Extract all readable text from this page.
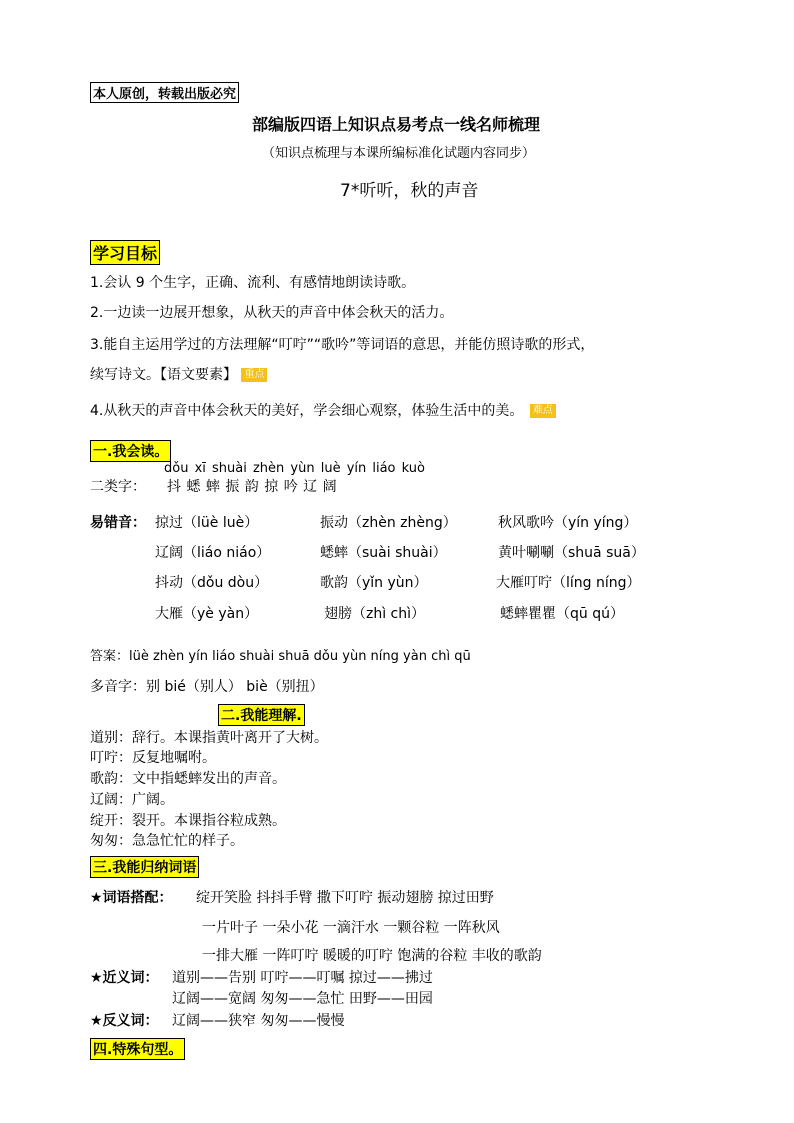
本人原创，转载出版必究
部编版四语上知识点易考点一线名师梳理
（知识点梳理与本课所编标准化试题内容同步）
7*听听，秋的声音
学习目标
1.会认 9 个生字，正确、流利、有感情地朗读诗歌。
2.一边读一边展开想象，从秋天的声音中体会秋天的活力。
3.能自主运用学过的方法理解“叮咛”“歌吟”等词语的意思，并能仿照诗歌的形式，
续写诗文。【语文要素】 重点
4.从秋天的声音中体会秋天的美好，学会细心观察，体验生活中的美。 难点
一.我会读。
dǒu xī shuài zhèn yùn luè yín liáo kuò
二类字： 抖 蟋 蟀 振 韵 掠 吟 辽 阔
易错音： 掠过（lüè luè）	振动（zhèn zhèng）	秋风歌吟（yín yíng）
辽阔（liáo niáo）	蟋蟀（suài shuài）	黄叶唰唰（shuā suā）
抖动（dǒu dòu）	歌韵（yǐn yùn）	大雁叮咛（líng níng）
大雁（yè yàn）	翅膀（zhì chì）	蟋蟀瞿瞿（qū qú）
答案：lüè zhèn yín liáo shuài shuā dǒu yùn níng yàn chì qū
多音字：别 bié（别人） biè（别扭）
二.我能理解.
道别：辞行。本课指黄叶离开了大树。
叮咛：反复地嘱咐。
歌韵：文中指蟋蟀发出的声音。
辽阔：广阔。
绽开：裂开。本课指谷粒成熟。
匆匆：急急忙忙的样子。
三.我能归纳词语
★词语搭配： 绽开笑脸 抖抖手臂 撒下叮咛 振动翅膀 掠过田野
一片叶子 一朵小花 一滴汗水 一颗谷粒 一阵秋风
一排大雁 一阵叮咛 暖暖的叮咛 饱满的谷粒 丰收的歌韵
★近义词： 道别——告别 叮咛——叮嘱 掠过——拂过
辽阔——宽阔 匆匆——急忙 田野——田园
★反义词： 辽阔——狭窄 匆匆——慢慢
四.特殊句型。
